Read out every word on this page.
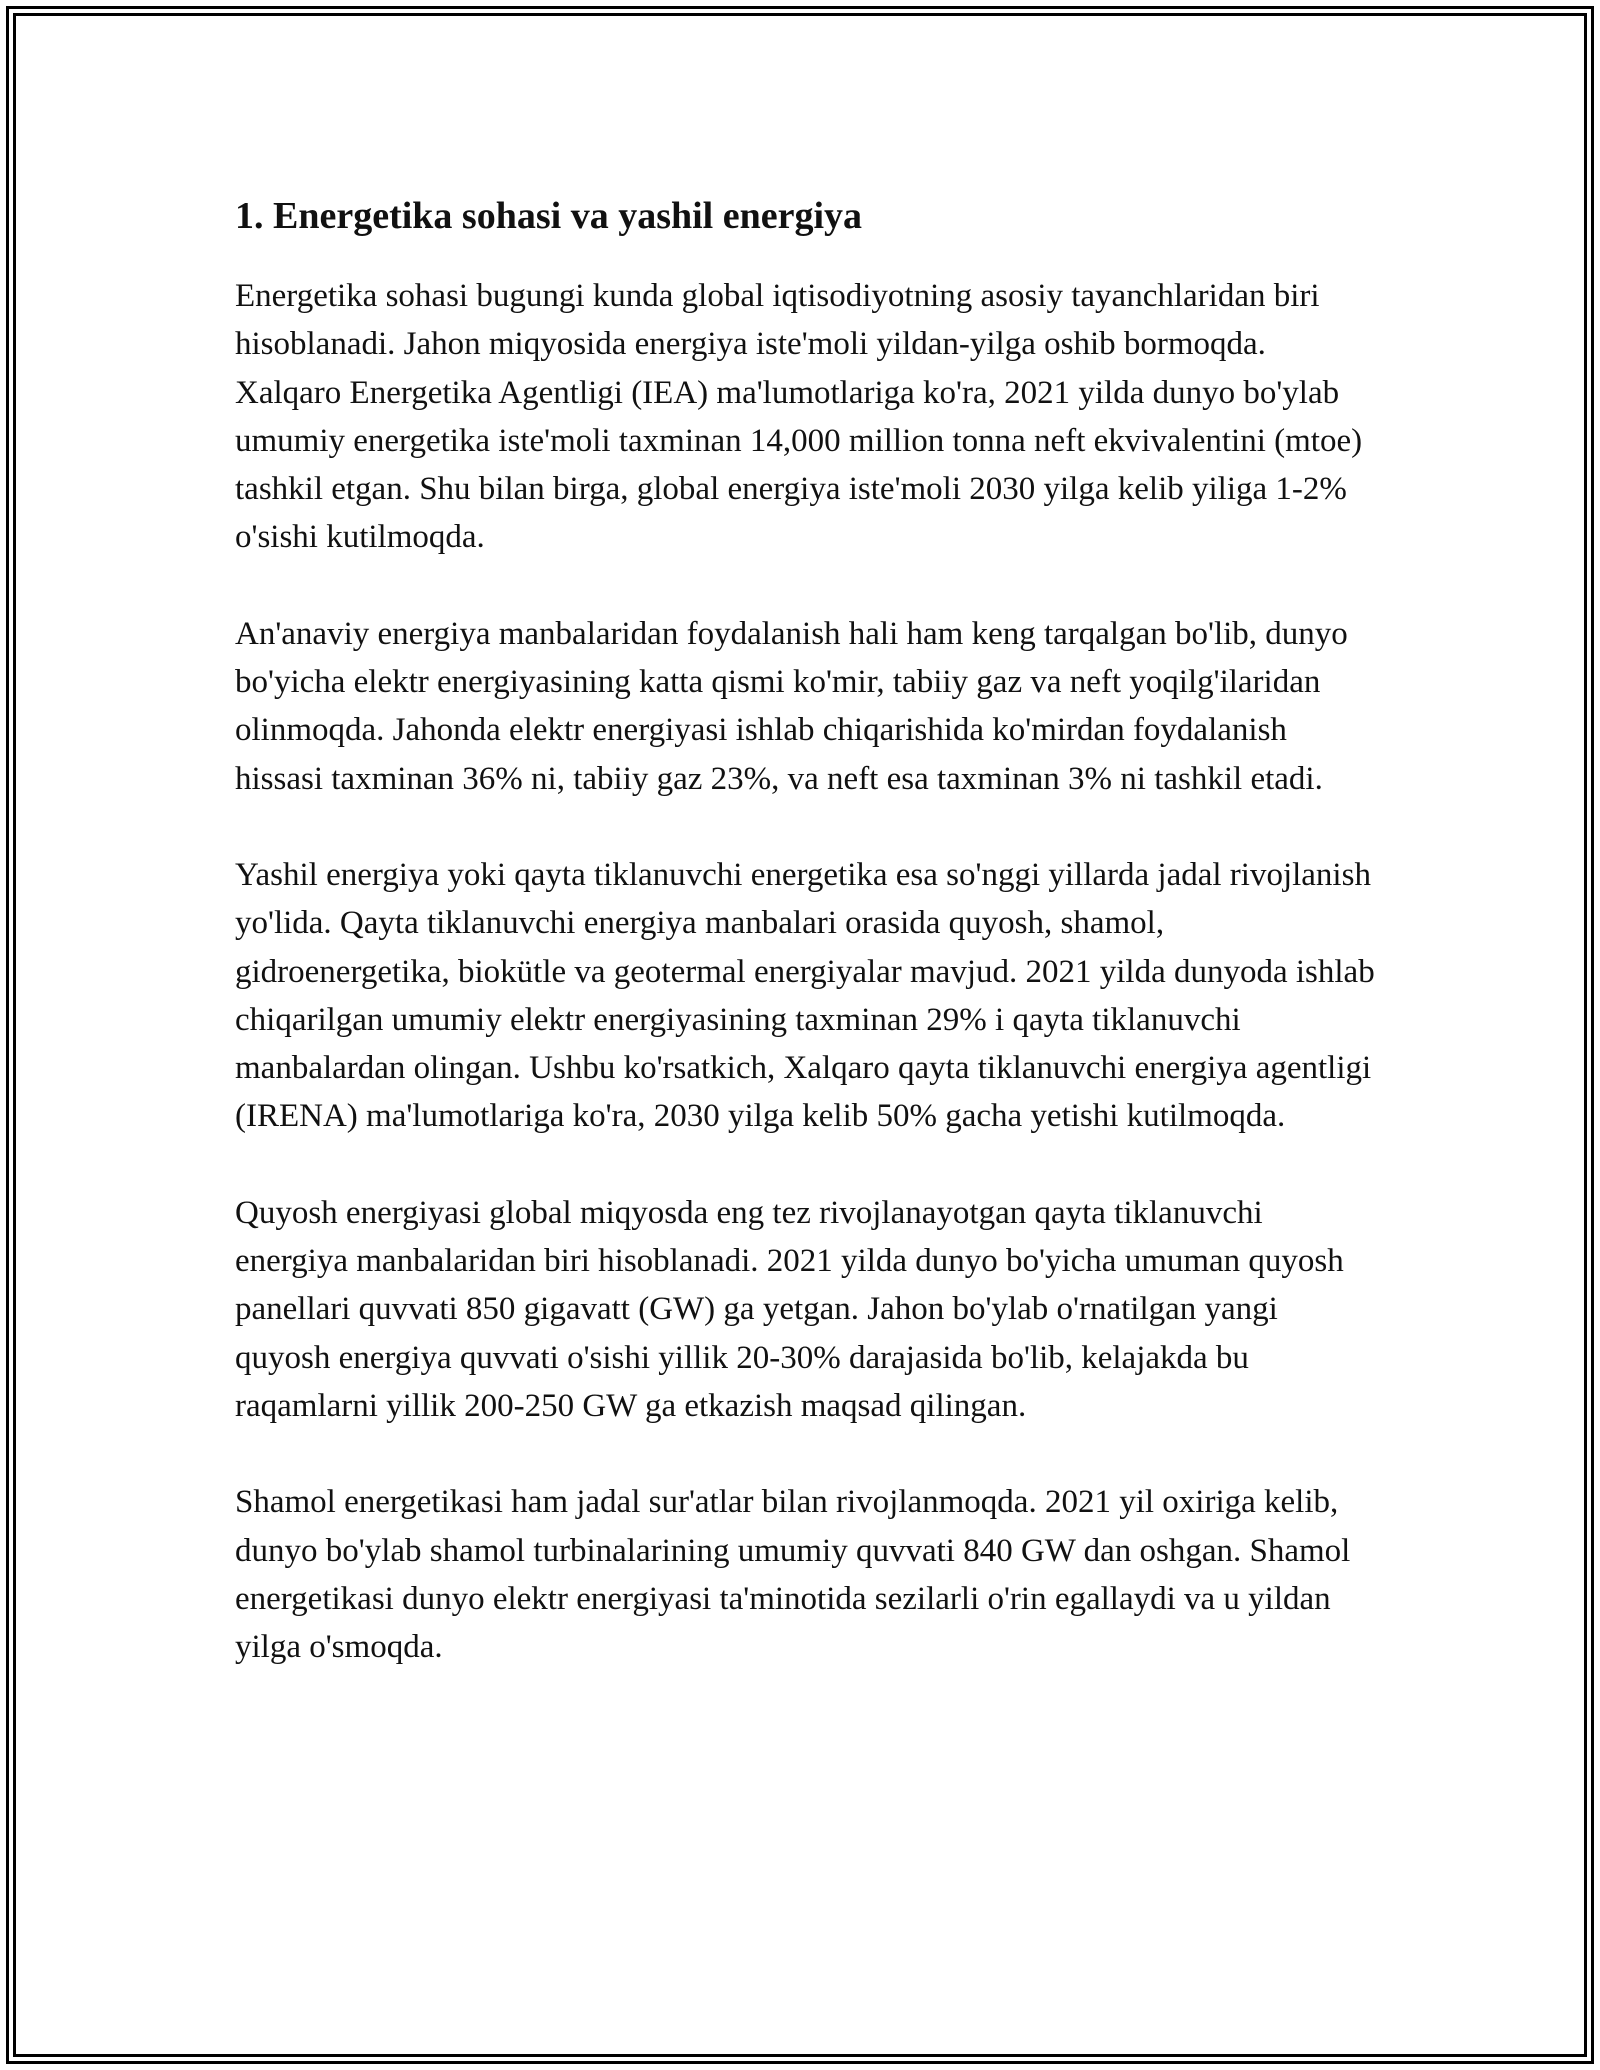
1. Energetika sohasi va yashil energiya

Energetika sohasi bugungi kunda global iqtisodiyotning asosiy tayanchlaridan biri hisoblanadi. Jahon miqyosida energiya iste'moli yildan-yilga oshib bormoqda. Xalqaro Energetika Agentligi (IEA) ma'lumotlariga ko'ra, 2021 yilda dunyo bo'ylab umumiy energetika iste'moli taxminan 14,000 million tonna neft ekvivalentini (mtoe) tashkil etgan. Shu bilan birga, global energiya iste'moli 2030 yilga kelib yiliga 1-2% o'sishi kutilmoqda.

An'anaviy energiya manbalaridan foydalanish hali ham keng tarqalgan bo'lib, dunyo bo'yicha elektr energiyasining katta qismi ko'mir, tabiiy gaz va neft yoqilg'ilaridan olinmoqda. Jahonda elektr energiyasi ishlab chiqarishida ko'mirdan foydalanish hissasi taxminan 36% ni, tabiiy gaz 23%, va neft esa taxminan 3% ni tashkil etadi.

Yashil energiya yoki qayta tiklanuvchi energetika esa so'nggi yillarda jadal rivojlanish yo'lida. Qayta tiklanuvchi energiya manbalari orasida quyosh, shamol, gidroenergetika, biokütle va geotermal energiyalar mavjud. 2021 yilda dunyoda ishlab chiqarilgan umumiy elektr energiyasining taxminan 29% i qayta tiklanuvchi manbalardan olingan. Ushbu ko'rsatkich, Xalqaro qayta tiklanuvchi energiya agentligi (IRENA) ma'lumotlariga ko'ra, 2030 yilga kelib 50% gacha yetishi kutilmoqda.

Quyosh energiyasi global miqyosda eng tez rivojlanayotgan qayta tiklanuvchi energiya manbalaridan biri hisoblanadi. 2021 yilda dunyo bo'yicha umuman quyosh panellari quvvati 850 gigavatt (GW) ga yetgan. Jahon bo'ylab o'rnatilgan yangi quyosh energiya quvvati o'sishi yillik 20-30% darajasida bo'lib, kelajakda bu raqamlarni yillik 200-250 GW ga etkazish maqsad qilingan.

Shamol energetikasi ham jadal sur'atlar bilan rivojlanmoqda. 2021 yil oxiriga kelib, dunyo bo'ylab shamol turbinalarining umumiy quvvati 840 GW dan oshgan. Shamol energetikasi dunyo elektr energiyasi ta'minotida sezilarli o'rin egallaydi va u yildan yilga o'smoqda.
